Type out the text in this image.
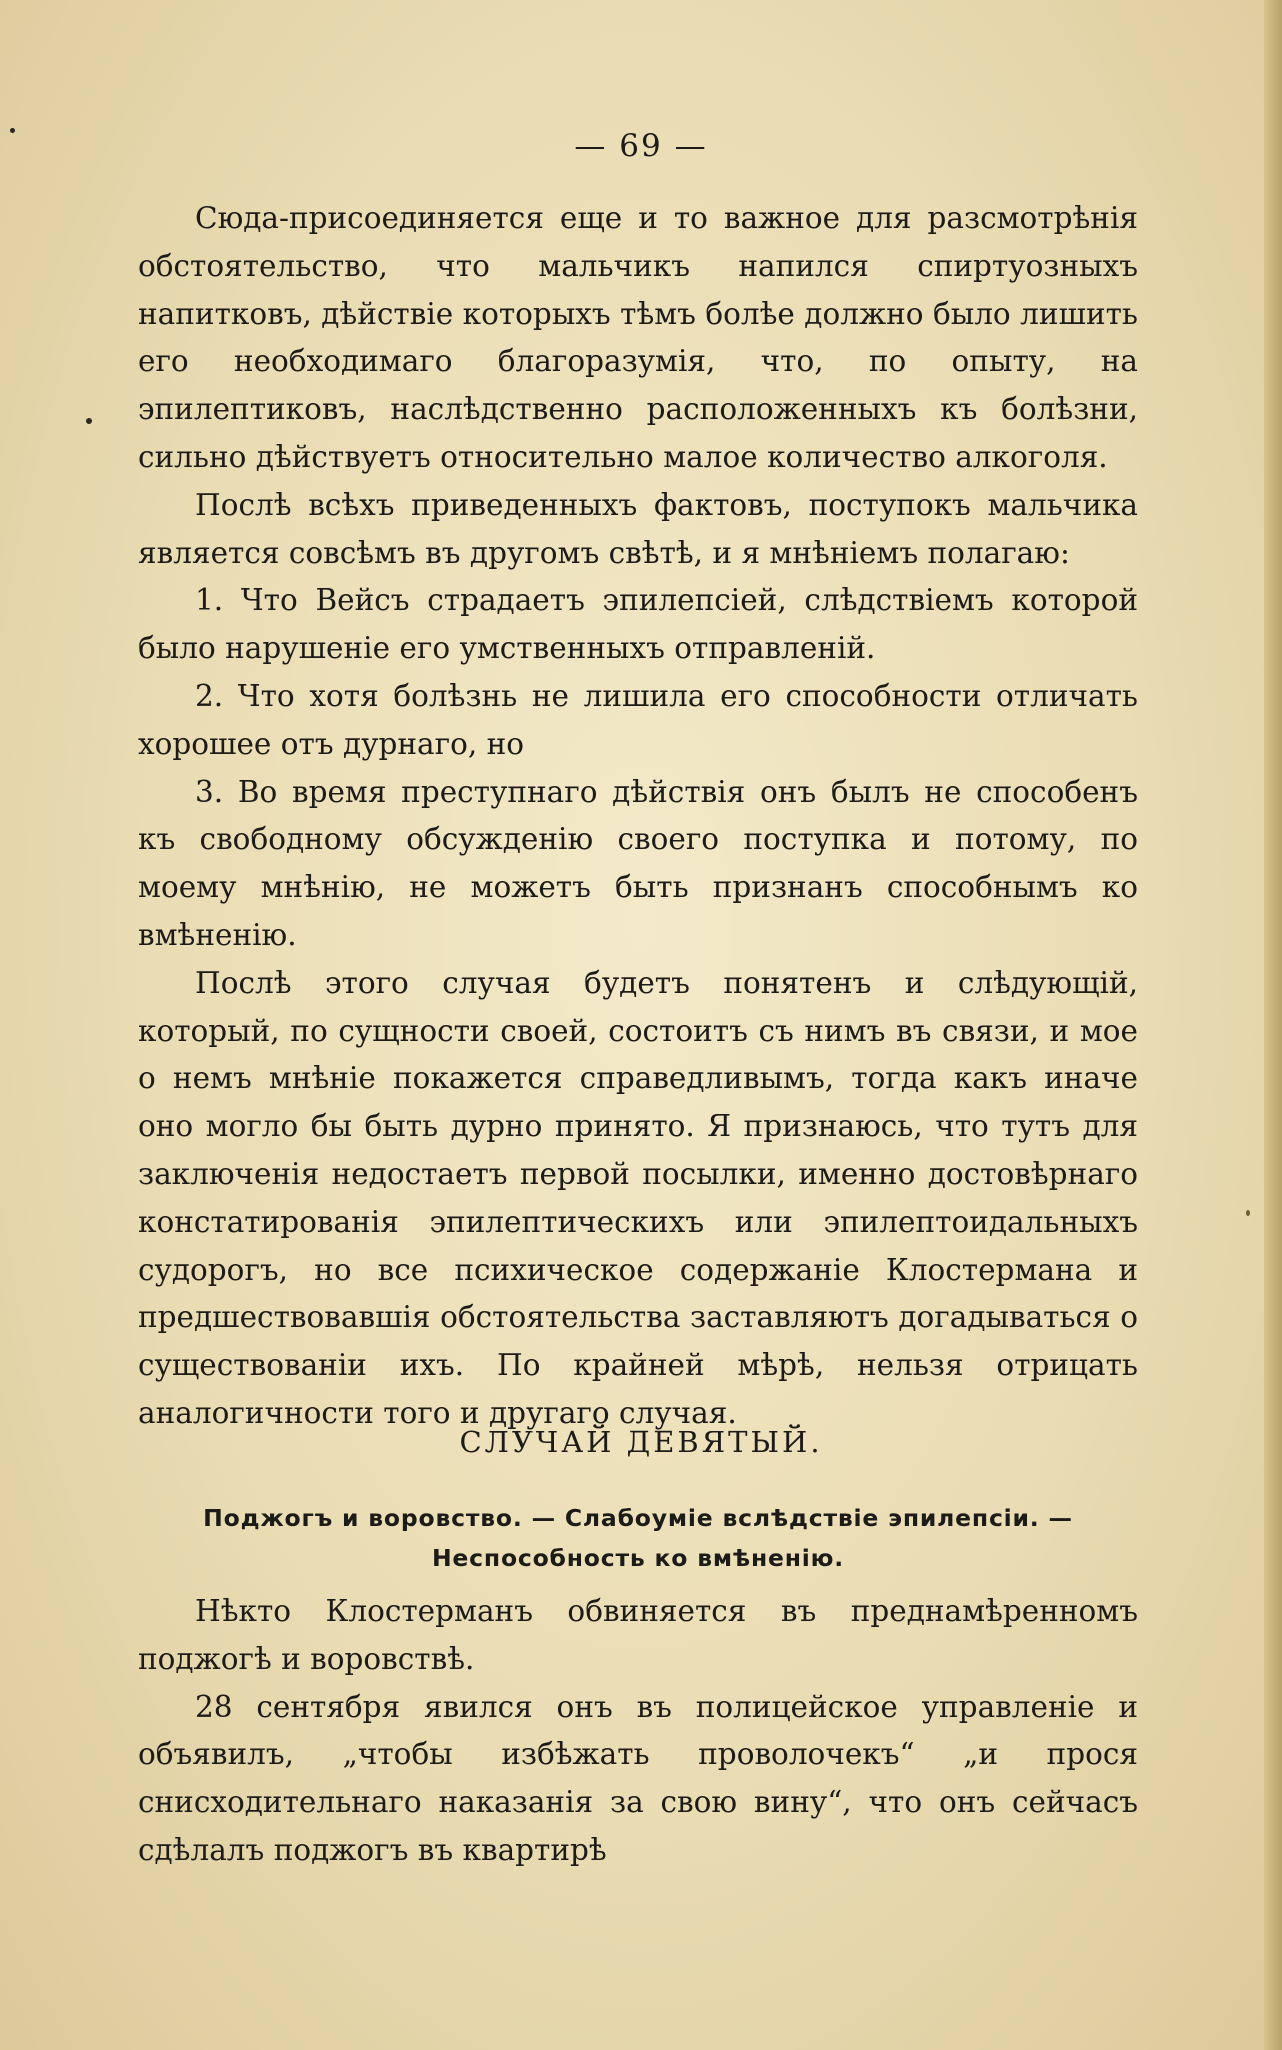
— 69 —

Сюда-присоединяется еще и то важное для разсмотрѣнія обстоятельство, что мальчикъ напился спиртуозныхъ напитковъ, дѣйствіе которыхъ тѣмъ болѣе должно было лишить его необходимаго благоразумія, что, по опыту, на эпилептиковъ, наслѣдственно расположенныхъ къ болѣзни, сильно дѣйствуетъ относительно малое количество алкоголя.

Послѣ всѣхъ приведенныхъ фактовъ, поступокъ мальчика является совсѣмъ въ другомъ свѣтѣ, и я мнѣніемъ полагаю:

1. Что Вейсъ страдаетъ эпилепсіей, слѣдствіемъ которой было нарушеніе его умственныхъ отправленій.

2. Что хотя болѣзнь не лишила его способности отличать хорошее отъ дурнаго, но

3. Во время преступнаго дѣйствія онъ былъ не способенъ къ свободному обсужденію своего поступка и потому, по моему мнѣнію, не можетъ быть признанъ способнымъ ко вмѣненію.

Послѣ этого случая будетъ понятенъ и слѣдующій, который, по сущности своей, состоитъ съ нимъ въ связи, и мое о немъ мнѣніе покажется справедливымъ, тогда какъ иначе оно могло бы быть дурно принято. Я признаюсь, что тутъ для заключенія недостаетъ первой посылки, именно достовѣрнаго констатированія эпилептическихъ или эпилептоидальныхъ судорогъ, но все психическое содержаніе Клостермана и предшествовавшія обстоятельства заставляютъ догадываться о существованіи ихъ. По крайней мѣрѣ, нельзя отрицать аналогичности того и другаго случая.

СЛУЧАЙ ДЕВЯТЫЙ.
Поджогъ и воровство. — Слабоуміе вслѣдствіе эпилепсіи. —
Неспособность ко вмѣненію.

Нѣкто Клостерманъ обвиняется въ преднамѣренномъ поджогѣ и воровствѣ.

28 сентября явился онъ въ полицейское управленіе и объявилъ, „чтобы избѣжать проволочекъ“ „и прося снисходительнаго наказанія за свою вину“, что онъ сейчасъ сдѣлалъ поджогъ въ квартирѣ
